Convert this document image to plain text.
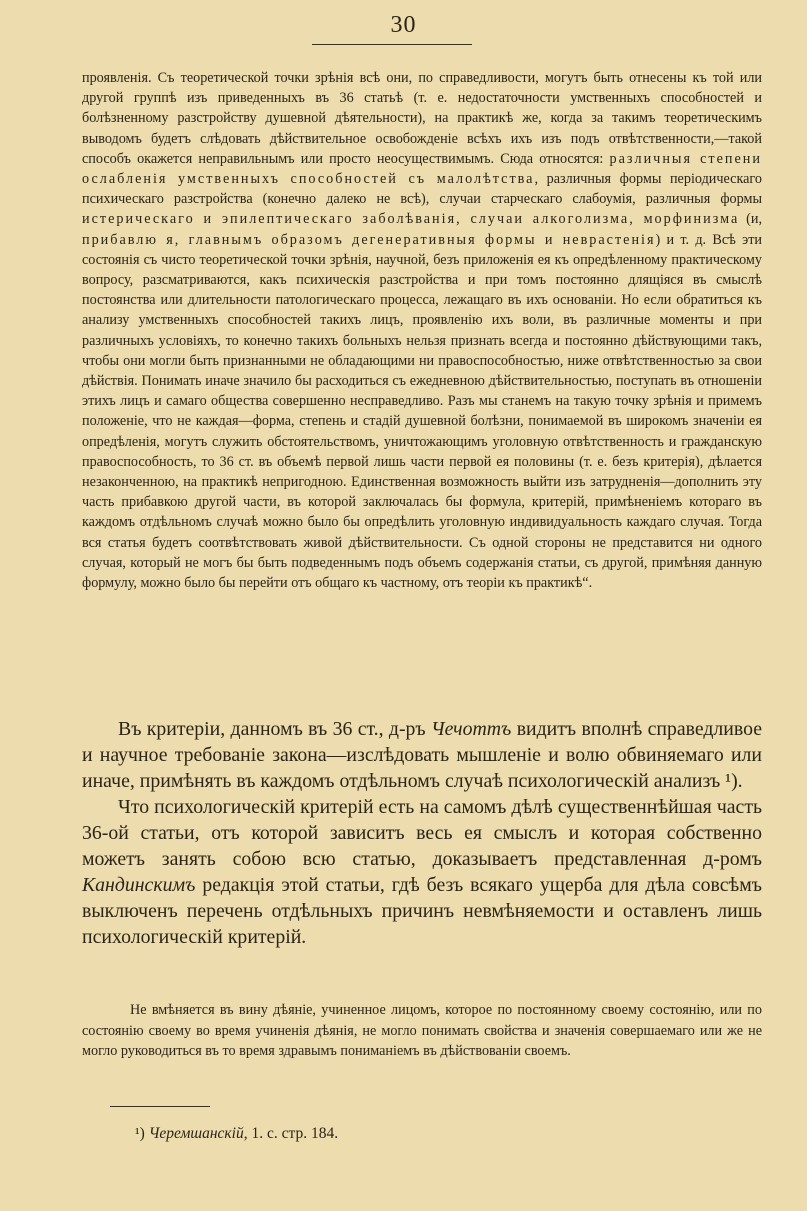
30
проявленія. Съ теоретической точки зрѣнія всѣ они, по справедливости, могутъ быть отнесены къ той или другой группѣ изъ приведенныхъ въ 36 статьѣ (т. е. недостаточности умственныхъ способностей и болѣзненному разстройству душевной дѣятельности), на практикѣ же, когда за такимъ теоретическимъ выводомъ будетъ слѣдовать дѣйствительное освобожденіе всѣхъ ихъ изъ подъ отвѣтственности,—такой способъ окажется неправильнымъ или просто неосуществимымъ. Сюда относятся: различныя степени ослабленія умственныхъ способностей съ малолѣтства, различныя формы періодическаго психическаго разстройства (конечно далеко не всѣ), случаи старческаго слабоумія, различныя формы истерическаго и эпилептическаго заболѣванія, случаи алкоголизма, морфинизма (и, прибавлю я, главнымъ образомъ дегенеративныя формы и неврастенія) и т. д. Всѣ эти состоянія съ чисто теоретической точки зрѣнія, научной, безъ приложенія ея къ опредѣленному практическому вопросу, разсматриваются, какъ психическія разстройства и при томъ постоянно длящіяся въ смыслѣ постоянства или длительности патологическаго процесса, лежащаго въ ихъ основаніи. Но если обратиться къ анализу умственныхъ способностей такихъ лицъ, проявленію ихъ воли, въ различные моменты и при различныхъ условіяхъ, то конечно такихъ больныхъ нельзя признать всегда и постоянно дѣйствующими такъ, чтобы они могли быть признанными не обладающими ни правоспособностью, ниже отвѣтственностью за свои дѣйствія. Понимать иначе значило бы расходиться съ ежедневною дѣйствительностью, поступать въ отношеніи этихъ лицъ и самаго общества совершенно несправедливо. Разъ мы станемъ на такую точку зрѣнія и примемъ положеніе, что не каждая—форма, степень и стадій душевной болѣзни, понимаемой въ широкомъ значеніи ея опредѣленія, могутъ служить обстоятельствомъ, уничтожающимъ уголовную отвѣтственность и гражданскую правоспособность, то 36 ст. въ объемѣ первой лишь части первой ея половины (т. е. безъ критерія), дѣлается незаконченною, на практикѣ непригодною. Единственная возможность выйти изъ затрудненія—дополнить эту часть прибавкою другой части, въ которой заключалась бы формула, критерій, примѣненіемъ котораго въ каждомъ отдѣльномъ случаѣ можно было бы опредѣлить уголовную индивидуальность каждаго случая. Тогда вся статья будетъ соотвѣтствовать живой дѣйствительности. Съ одной стороны не представится ни одного случая, который не могъ бы быть подведеннымъ подъ объемъ содержанія статьи, съ другой, примѣняя данную формулу, можно было бы перейти отъ общаго къ частному, отъ теоріи къ практикѣ“.

Въ критеріи, данномъ въ 36 ст., д-ръ Чечоттъ видитъ вполнѣ справедливое и научное требованіе закона—изслѣдовать мышленіе и волю обвиняемаго или иначе, примѣнять въ каждомъ отдѣльномъ случаѣ психологическій анализъ ¹).

Что психологическій критерій есть на самомъ дѣлѣ существеннѣйшая часть 36-ой статьи, отъ которой зависитъ весь ея смыслъ и которая собственно можетъ занять собою всю статью, доказываетъ представленная д-ромъ Кандинскимъ редакція этой статьи, гдѣ безъ всякаго ущерба для дѣла совсѣмъ выключенъ перечень отдѣльныхъ причинъ невмѣняемости и оставленъ лишь психологическій критерій.

Не вмѣняется въ вину дѣяніе, учиненное лицомъ, которое по постоянному своему состоянію, или по состоянію своему во время учиненія дѣянія, не могло понимать свойства и значенія совершаемаго или же не могло руководиться въ то время здравымъ пониманіемъ въ дѣйствованіи своемъ.
¹) Черемшанскій, 1. с. стр. 184.
